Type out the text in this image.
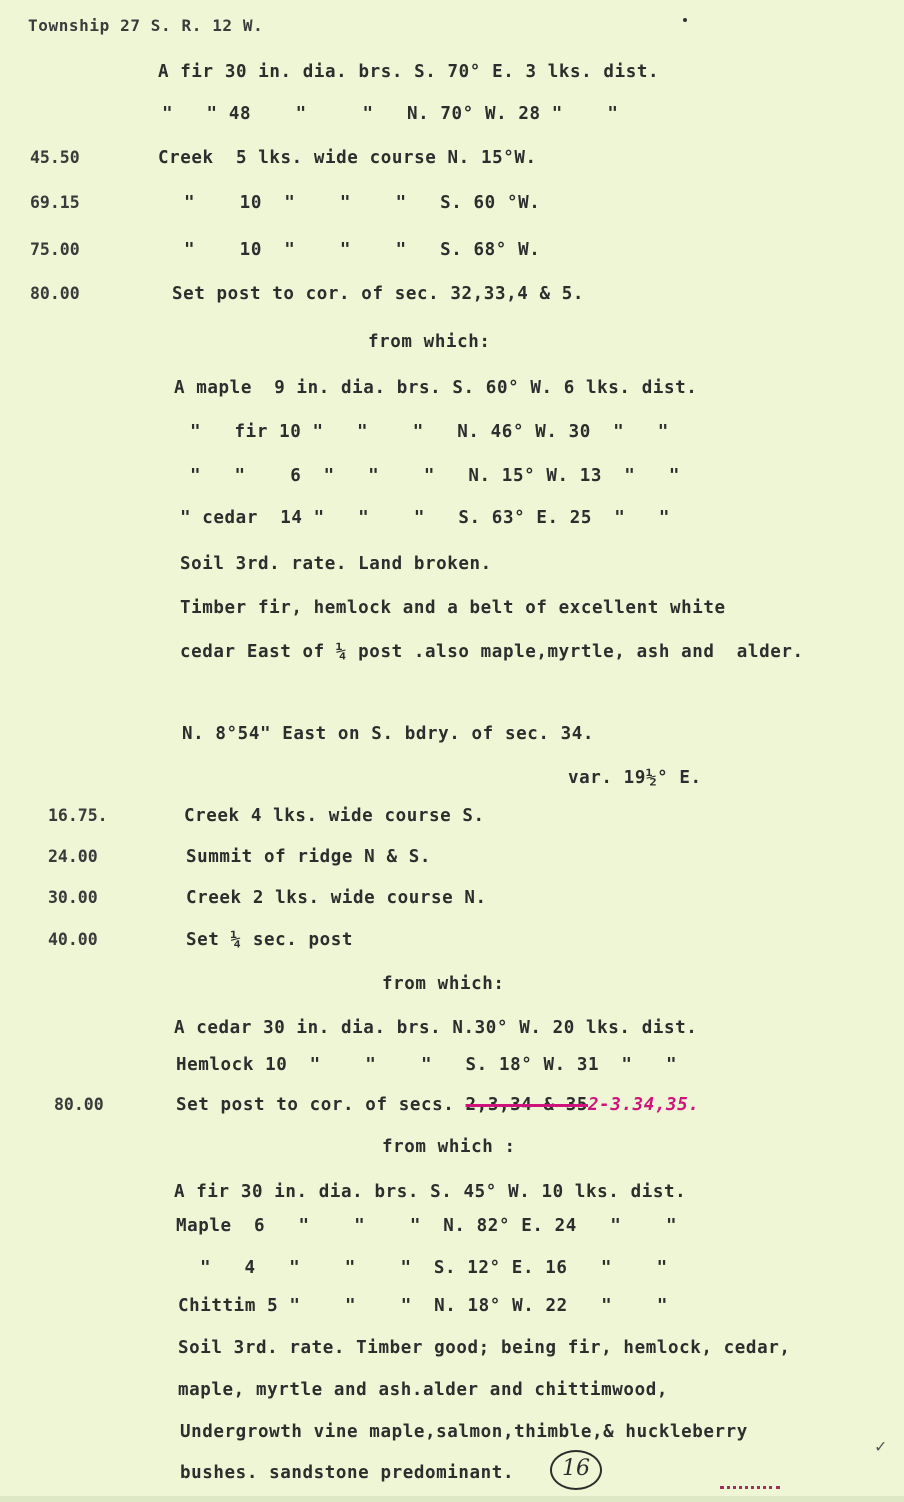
Township 27 S. R. 12 W.
A fir 30 in. dia. brs. S. 70° E. 3 lks. dist.
"   " 48    "     "   N. 70° W. 28 "    "
45.50	Creek  5 lks. wide course N. 15°W.
69.15	"    10  "    "    "   S. 60 °W.
75.00	"    10  "    "    "   S. 68° W.
80.00	Set post to cor. of sec. 32,33,4 & 5.
from which:
A maple  9 in. dia. brs. S. 60° W. 6 lks. dist.
"   fir 10 "   "    "   N. 46° W. 30  "   "
"   "    6  "   "    "   N. 15° W. 13  "   "
" cedar  14 "   "    "   S. 63° E. 25  "   "
Soil 3rd. rate. Land broken.
Timber fir, hemlock and a belt of excellent white
cedar East of ¼ post .also maple,myrtle, ash and  alder.
N. 8°54" East on S. bdry. of sec. 34.
var. 19½° E.
16.75.	Creek 4 lks. wide course S.
24.00	Summit of ridge N & S.
30.00	Creek 2 lks. wide course N.
40.00	Set ¼ sec. post
from which:
A cedar 30 in. dia. brs. N.30° W. 20 lks. dist.
Hemlock 10  "    "    "   S. 18° W. 31  "   "
80.00	Set post to cor. of secs. 2,3,34 & 352-3.34,35.
from which :
A fir 30 in. dia. brs. S. 45° W. 10 lks. dist.
Maple  6   "    "    "  N. 82° E. 24   "    "
"   4   "    "    "  S. 12° E. 16   "    "
Chittim 5 "    "    "  N. 18° W. 22   "    "
Soil 3rd. rate. Timber good; being fir, hemlock, cedar,
maple, myrtle and ash.alder and chittimwood,
Undergrowth vine maple,salmon,thimble,& huckleberry
bushes. sandstone predominant.	16
✓
